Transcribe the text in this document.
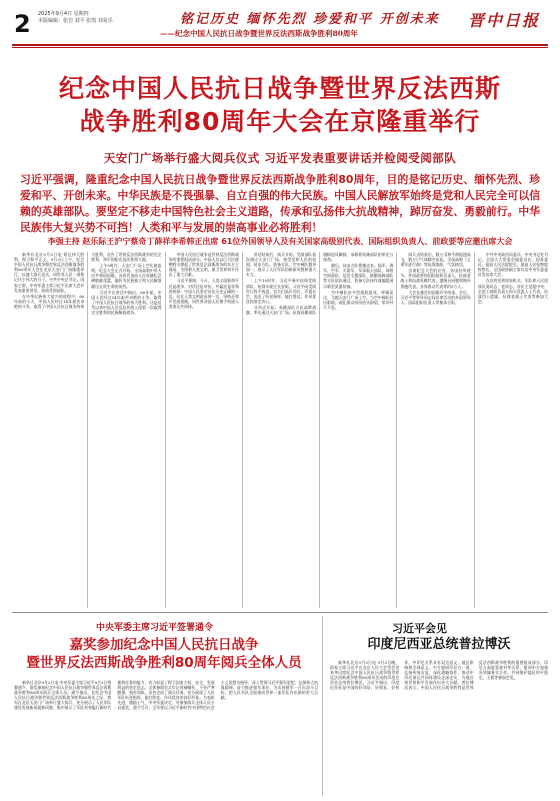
2 2025年9月4日 星期四
本版编辑：张岩 刘平 张凯 刘易乐	铭记历史 缅怀先烈 珍爱和平 开创未来
——纪念中国人民抗日战争暨世界反法西斯战争胜利80周年
晋中日报
纪念中国人民抗日战争暨世界反法西斯
战争胜利80周年大会在京隆重举行
天安门广场举行盛大阅兵仪式 习近平发表重要讲话并检阅受阅部队
习近平强调，隆重纪念中国人民抗日战争暨世界反法西斯战争胜利80周年，目的是铭记历史、缅怀先烈、珍爱和平、开创未来。中华民族是不畏强暴、自立自强的伟大民族。中国人民解放军始终是党和人民完全可以信赖的英雄部队。要坚定不移走中国特色社会主义道路，传承和弘扬伟大抗战精神，踔厉奋发、勇毅前行。中华民族伟大复兴势不可挡！人类和平与发展的崇高事业必将胜利！
李强主持 赵乐际王沪宁蔡奇丁薛祥李希韩正出席 61位外国领导人及有关国家高级别代表、国际组织负责人、前政要等应邀出席大会

新华社北京9月3日电 铭记伟大胜利，捍卫和平正义。9月3日上午，纪念中国人民抗日战争暨世界反法西斯战争胜利80周年大会在北京天安门广场隆重举行，以盛大阅兵仪式，同世界人民一道铭记这个伟大的日子。中共中央总书记、国家主席、中央军委主席习近平出席大会并发表重要讲话，检阅受阅部队。

在中华民族伟大复兴的进程中，80年前的今天，中国人民经过14年艰苦卓绝的斗争，取得了中国人民抗日战争的伟大胜利，宣告了世界反法西斯战争的完全胜利，和平的阳光再次普照大地。

上午9时许，天安门广场上空礼炮轰鸣，纪念大会正式开始。全场高唱中华人民共和国国歌。各界代表向人民英雄纪念碑敬献花篮，缅怀为民族独立和人民解放献出宝贵生命的英烈。

习近平在讲话中指出，80年前，中国人民经过14年艰苦卓绝的斗争，取得了中国人民抗日战争的伟大胜利。这是近代以来中国人民反抗外敌入侵第一次取得完全胜利的民族解放战争。

中国人民抗日战争是世界反法西斯战争的重要组成部分。中国人民以巨大民族牺牲支撑起了世界反法西斯战争的东方主战场，为拯救人类文明、保卫世界和平作出了重大贡献。

习近平强调，今天，人类又面临和平还是战争、对话还是对抗、共赢还是零和的抉择。中国人民坚定站在历史正确的一边、站在人类文明进步的一边，坚持走和平发展道路，同世界各国人民携手构建人类命运共同体。

讲话结束后，阅兵开始。受阅部队依次通过天安门广场，接受党和人民的检阅。徒步方队、装备方队、空中梯队整齐划一，展示了人民军队的崭新风貌和强大实力。

上午10时许，习近平乘车检阅受阅部队。检阅车驶过长安街，习近平向受阅官兵挥手致意。官兵们高声回应，声震长空，表达了听党指挥、能打胜仗、作风优良的坚定决心。

分列式开始。英模部队方队高擎战旗，率先通过天安门广场。抗战英模部队旗帜迎风飘扬，承载着英雄部队的荣光与使命。

随后，徒步方队铿锵走来。陆军、海军、空军、火箭军、军事航天部队、网络空间部队、信息支援部队、联勤保障部队等方队依次通过。装备方队按作战编组展示新型武器装备。

空中梯队由多型战机组成，呼啸而过，飞越天安门广场上空。当空中梯队拉出彩烟，观礼群众纷纷抬头仰望，掌声经久不息。

阅兵式结束后，数万羽和平鸽振翅高飞，数万只气球腾空而起。全场高唱《义勇军进行曲》等抗战歌曲，气氛热烈。

出席纪念大会的还有，各国驻华使节、外国政要和国际组织负责人，抗战老战士和抗战英模代表，港澳台同胞和海外侨胞代表，各界群众代表等约5万人。

大会在雄壮的国歌声中结束。会后，习近平等领导同志同出席活动的外国领导人、国际组织负责人等集体合影。

中共中央政治局委员、中央书记处书记，全国人大常委会副委员长，国务委员，最高人民法院院长，最高人民检察院检察长，全国政协副主席以及中央军委委员等出席大会。

在京的党和国家机关、军队和人民团体负责同志，老同志，各民主党派中央、全国工商联负责人和无党派人士代表，抗战烈士遗属、抗战老战士代表等参加大会。

中央军委主席习近平签署通令
嘉奖参加纪念中国人民抗日战争
暨世界反法西斯战争胜利80周年阅兵全体人员

新华社北京9月3日电 中央军委主席习近平9月3日签署通令，嘉奖参加纪念中国人民抗日战争暨世界反法西斯战争胜利80周年阅兵全体人员。通令指出，在纪念中国人民抗日战争暨世界反法西斯战争胜利80周年之际，我军在北京天安门广场举行盛大阅兵，充分展示了人民军队建设发展新成就新风貌，集中展示了军队有效履行新时代使命任务的能力，有力彰显了捍卫国家主权、安全、发展利益的坚定意志。全体参阅官兵牢记领袖嘱托，不畏严寒酷暑，刻苦训练，出色完成了阅兵任务，充分展现了人民军队听党指挥、能打胜仗、作风优良的良好形象。为表彰先进，激励士气，中央军委决定，对参加阅兵全体人员予以嘉奖。通令号召，全军要以习近平新时代中国特色社会主义思想为指导，深入贯彻习近平强军思想，弘扬伟大抗战精神，奋力推进强军事业，为实现建军一百年奋斗目标、把人民军队全面建成世界一流军队作出新的更大贡献。

习近平会见
印度尼西亚总统普拉博沃

新华社北京9月3日电 9月3日晚，国家主席习近平在北京人民大会堂会见来华出席纪念中国人民抗日战争暨世界反法西斯战争胜利80周年活动的印度尼西亚总统普拉博沃。习近平指出，印度尼西亚是中国的好邻居、好朋友、好伙伴。中印尼关系具有双边意义、地区影响和全球意义。中方愿同印尼方一道，弘扬传统友谊，深化战略协作，推动中印尼命运共同体建设走深走实，为地区和世界和平发展作出更大贡献。普拉博沃表示，中国人民抗日战争胜利是世界反法西斯战争胜利的重要组成部分。印尼方高度重视对华关系，愿同中方加强各领域务实合作，共同维护地区和平稳定。王毅等参加会见。
